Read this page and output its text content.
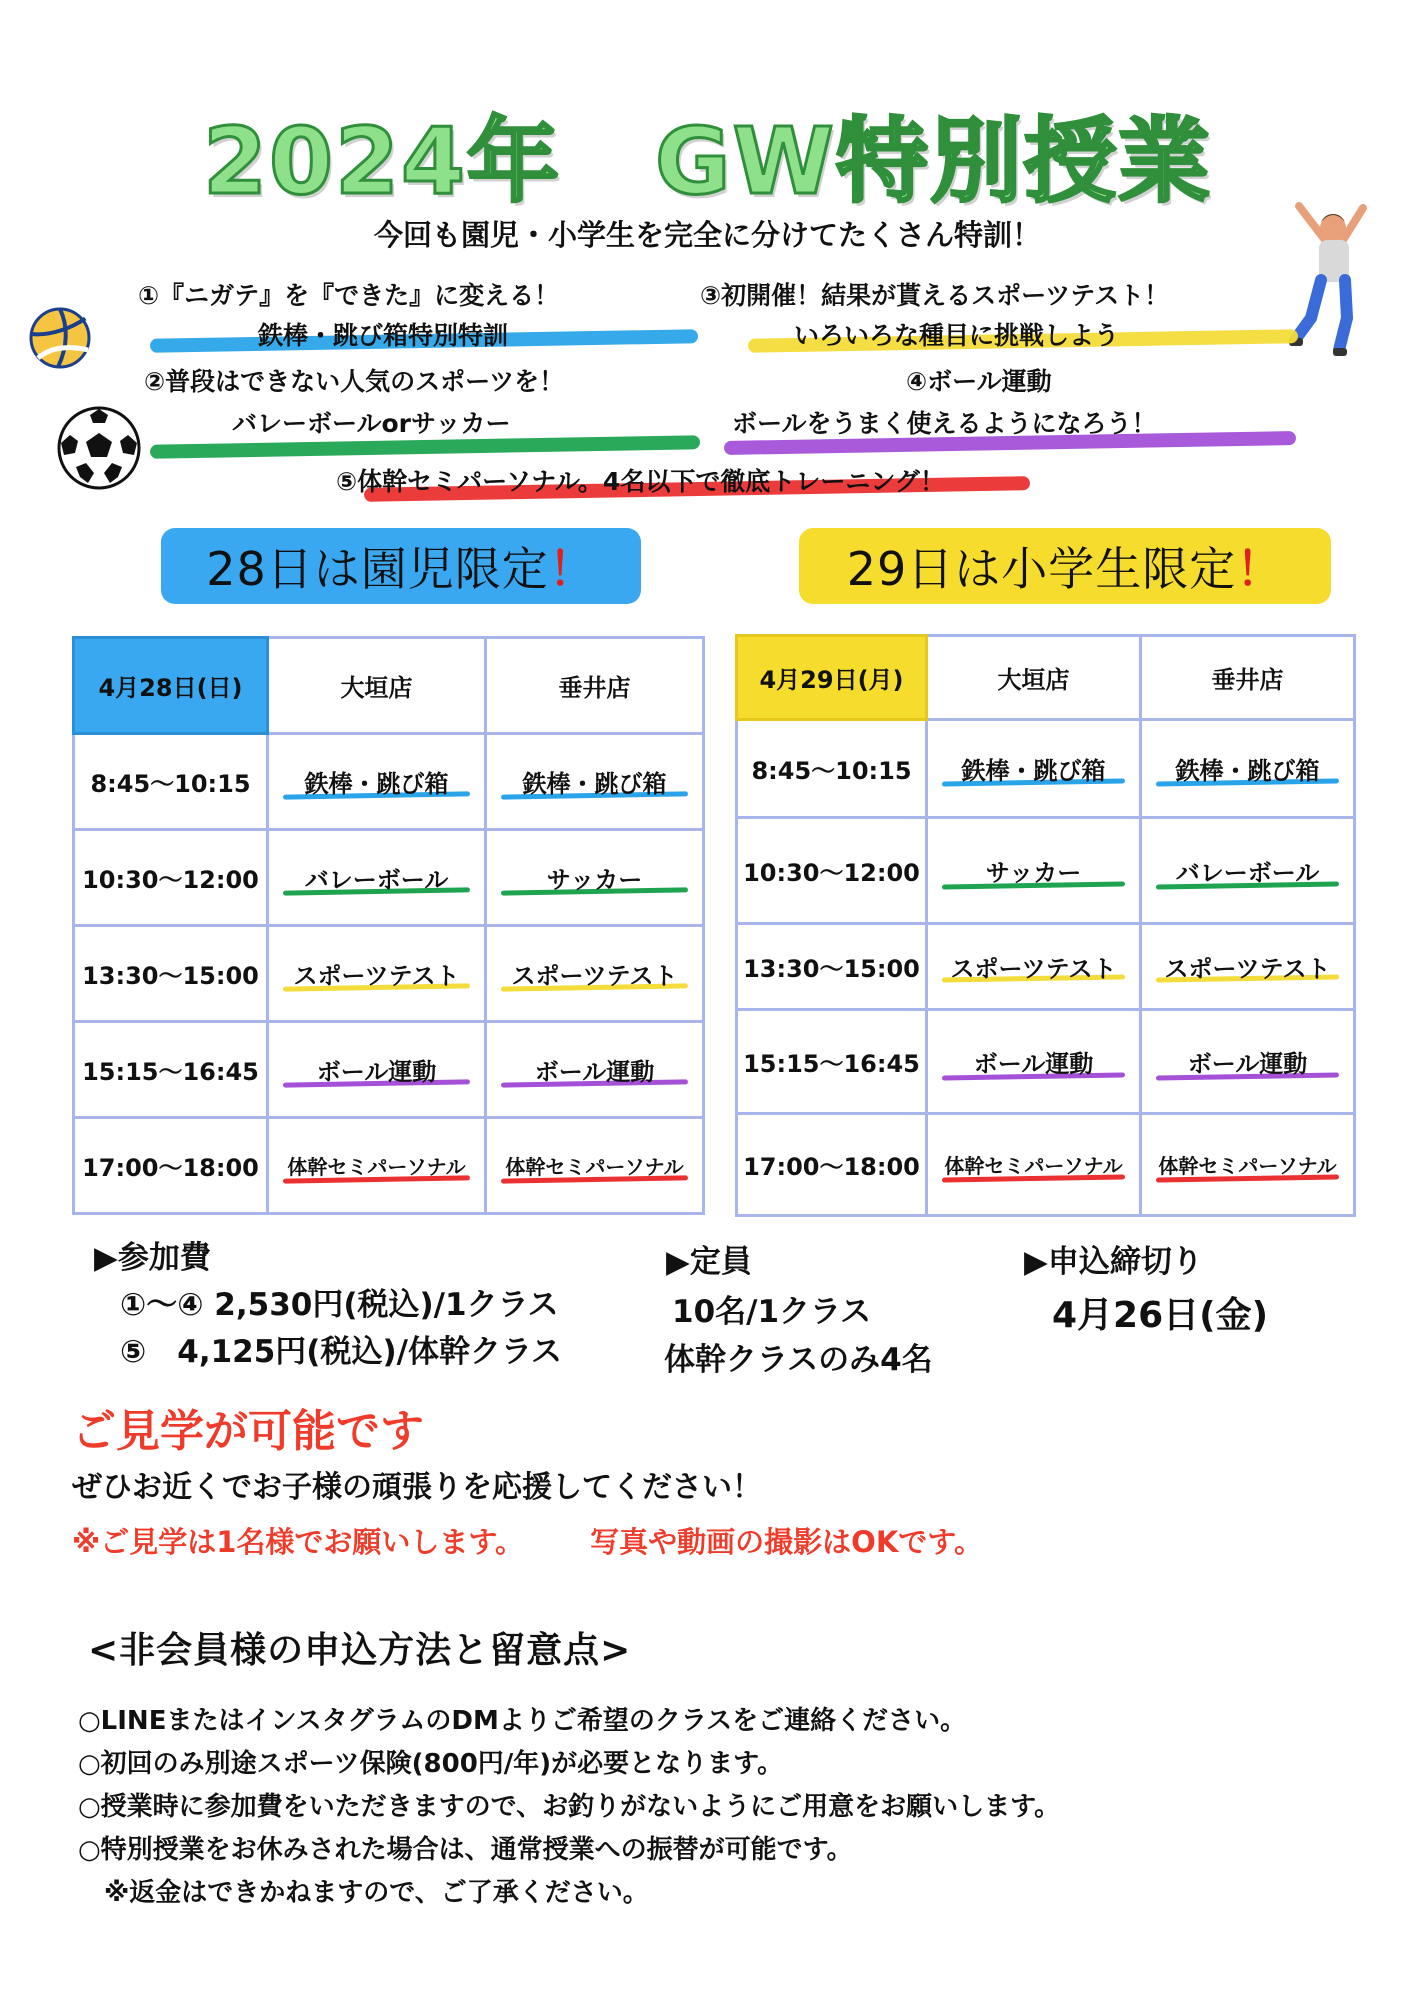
2024年　GW特別授業
今回も園児・小学生を完全に分けてたくさん特訓！
①『ニガテ』を『できた』に変える！
鉄棒・跳び箱特別特訓
③初開催！結果が貰えるスポーツテスト！
いろいろな種目に挑戦しよう
②普段はできない人気のスポーツを！
バレーボールorサッカー
④ボール運動
ボールをうまく使えるようになろう！
⑤体幹セミパーソナル。4名以下で徹底トレーニング！
28日は園児限定 ！	29日は小学生限定 ！
4月28日(日)	大垣店	垂井店
8:45〜10:15	鉄棒・跳び箱	鉄棒・跳び箱
10:30〜12:00	バレーボール	サッカー
13:30〜15:00	スポーツテスト	スポーツテスト
15:15〜16:45	ボール運動	ボール運動
17:00〜18:00	体幹セミパーソナル	体幹セミパーソナル
4月29日(月)	大垣店	垂井店
8:45〜10:15	鉄棒・跳び箱	鉄棒・跳び箱
10:30〜12:00	サッカー	バレーボール
13:30〜15:00	スポーツテスト	スポーツテスト
15:15〜16:45	ボール運動	ボール運動
17:00〜18:00	体幹セミパーソナル	体幹セミパーソナル
▶参加費
①〜④ 2,530円(税込)/1クラス
⑤　4,125円(税込)/体幹クラス
▶定員
10名/1クラス
体幹クラスのみ4名
▶申込締切り
4月26日(金)
ご見学が可能です
ぜひお近くでお子様の頑張りを応援してください！
※ご見学は1名様でお願いします。 写真や動画の撮影はOKです。
<非会員様の申込方法と留意点>
○LINEまたはインスタグラムのDMよりご希望のクラスをご連絡ください。
○初回のみ別途スポーツ保険(800円/年)が必要となります。
○授業時に参加費をいただきますので、お釣りがないようにご用意をお願いします。
○特別授業をお休みされた場合は、通常授業への振替が可能です。
　※返金はできかねますので、ご了承ください。
